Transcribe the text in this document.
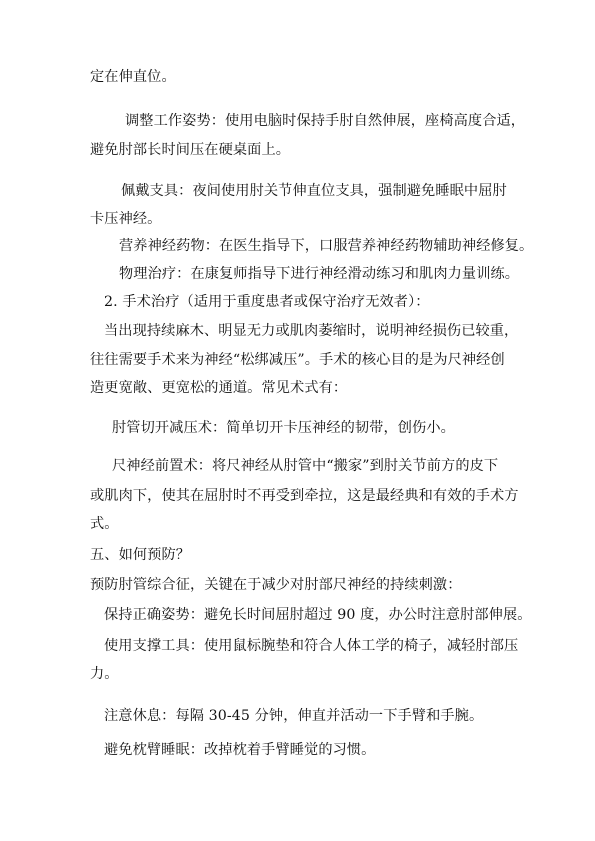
定在伸直位。

调整工作姿势：使用电脑时保持手肘自然伸展，座椅高度合适，

避免肘部长时间压在硬桌面上。

佩戴支具：夜间使用肘关节伸直位支具，强制避免睡眠中屈肘

卡压神经。

营养神经药物：在医生指导下，口服营养神经药物辅助神经修复。

物理治疗：在康复师指导下进行神经滑动练习和肌肉力量训练。

2. 手术治疗（适用于重度患者或保守治疗无效者）：

当出现持续麻木、明显无力或肌肉萎缩时，说明神经损伤已较重，

往往需要手术来为神经“松绑减压”。手术的核心目的是为尺神经创

造更宽敞、更宽松的通道。常见术式有：

肘管切开减压术：简单切开卡压神经的韧带，创伤小。

尺神经前置术：将尺神经从肘管中“搬家”到肘关节前方的皮下

或肌肉下，使其在屈肘时不再受到牵拉，这是最经典和有效的手术方

式。

五、如何预防？

预防肘管综合征，关键在于减少对肘部尺神经的持续刺激：

保持正确姿势：避免长时间屈肘超过 90 度，办公时注意肘部伸展。

使用支撑工具：使用鼠标腕垫和符合人体工学的椅子，减轻肘部压

力。

注意休息：每隔 30-45 分钟，伸直并活动一下手臂和手腕。

避免枕臂睡眠：改掉枕着手臂睡觉的习惯。
